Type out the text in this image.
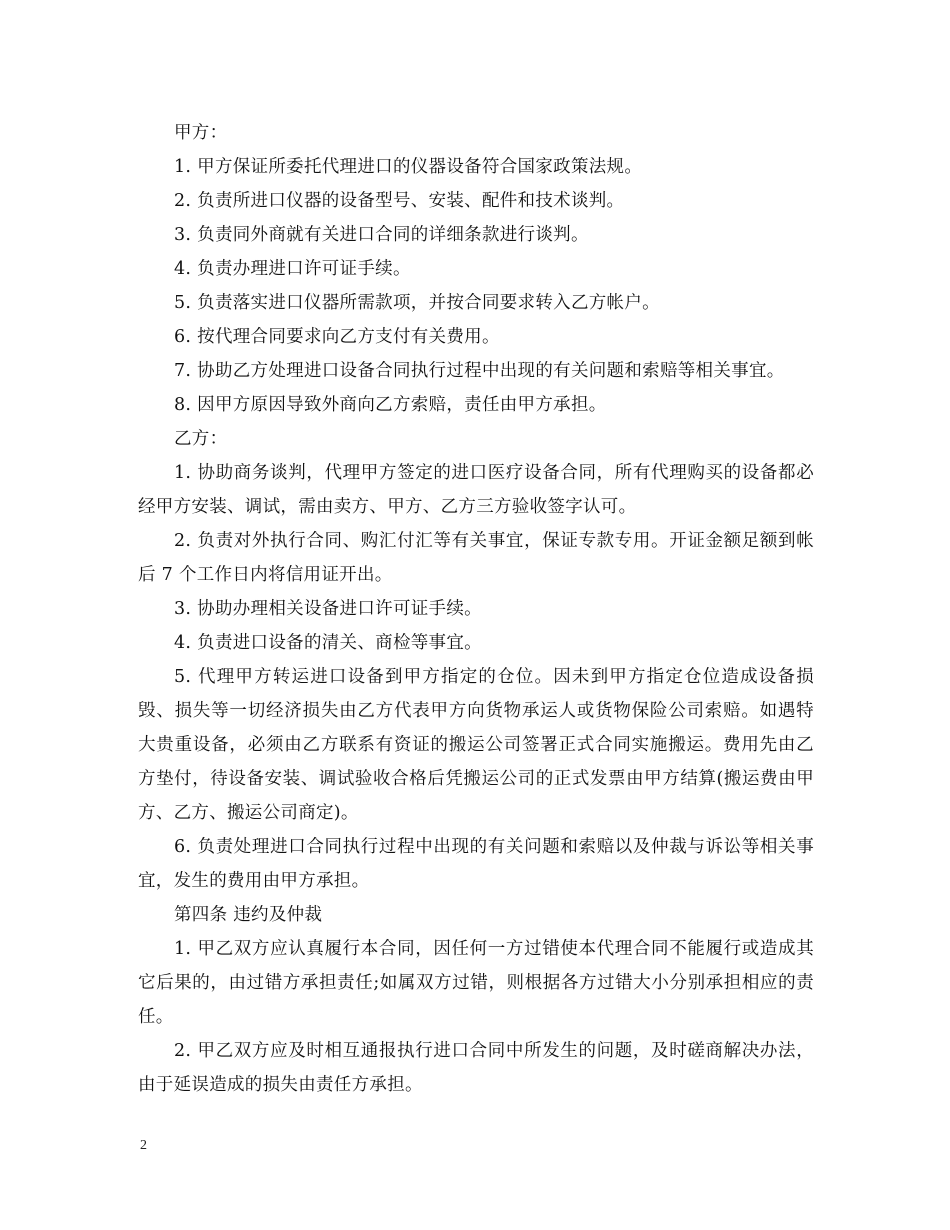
甲方：

1. 甲方保证所委托代理进口的仪器设备符合国家政策法规。

2. 负责所进口仪器的设备型号、安装、配件和技术谈判。

3. 负责同外商就有关进口合同的详细条款进行谈判。

4. 负责办理进口许可证手续。

5. 负责落实进口仪器所需款项，并按合同要求转入乙方帐户。

6. 按代理合同要求向乙方支付有关费用。

7. 协助乙方处理进口设备合同执行过程中出现的有关问题和索赔等相关事宜。

8. 因甲方原因导致外商向乙方索赔，责任由甲方承担。

乙方：

1. 协助商务谈判，代理甲方签定的进口医疗设备合同，所有代理购买的设备都必经甲方安装、调试，需由卖方、甲方、乙方三方验收签字认可。

2. 负责对外执行合同、购汇付汇等有关事宜，保证专款专用。开证金额足额到帐后 7 个工作日内将信用证开出。

3. 协助办理相关设备进口许可证手续。

4. 负责进口设备的清关、商检等事宜。

5. 代理甲方转运进口设备到甲方指定的仓位。因未到甲方指定仓位造成设备损毁、损失等一切经济损失由乙方代表甲方向货物承运人或货物保险公司索赔。如遇特大贵重设备，必须由乙方联系有资证的搬运公司签署正式合同实施搬运。费用先由乙方垫付，待设备安装、调试验收合格后凭搬运公司的正式发票由甲方结算(搬运费由甲方、乙方、搬运公司商定)。

6. 负责处理进口合同执行过程中出现的有关问题和索赔以及仲裁与诉讼等相关事宜，发生的费用由甲方承担。

第四条 违约及仲裁

1. 甲乙双方应认真履行本合同，因任何一方过错使本代理合同不能履行或造成其它后果的，由过错方承担责任;如属双方过错，则根据各方过错大小分别承担相应的责任。

2. 甲乙双方应及时相互通报执行进口合同中所发生的问题，及时磋商解决办法，由于延误造成的损失由责任方承担。

2
